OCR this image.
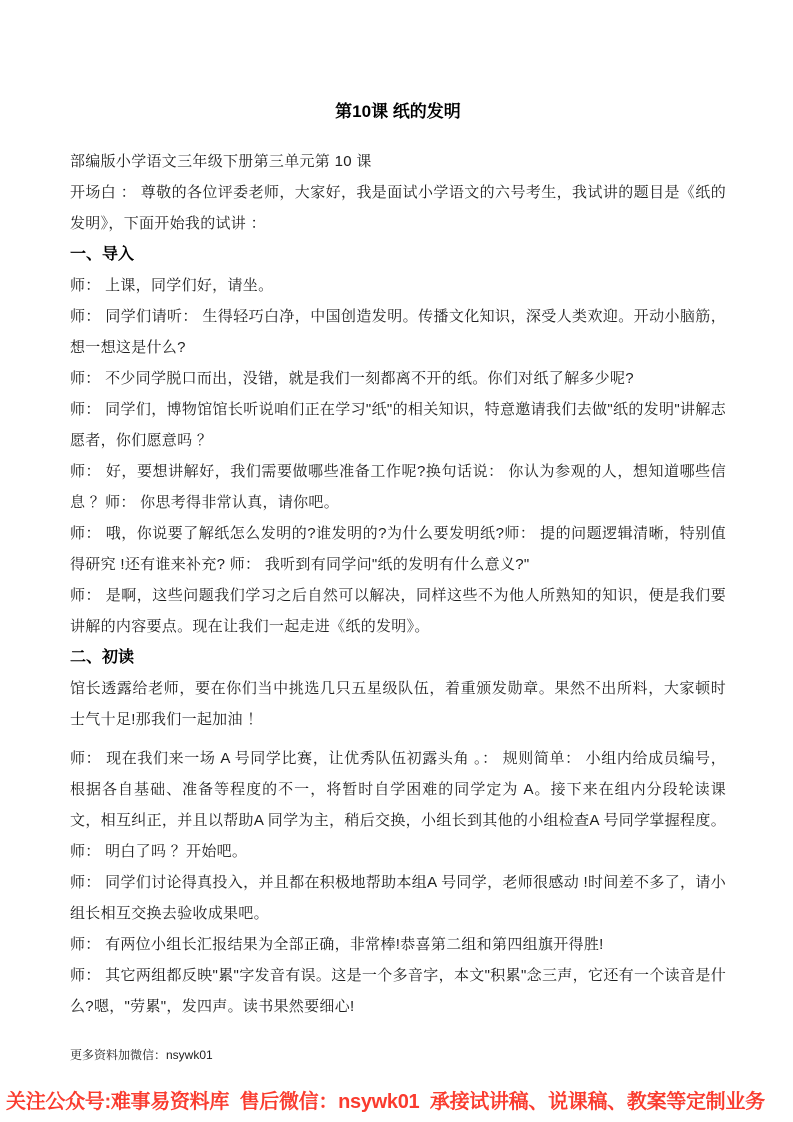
第10课 纸的发明

部编版小学语文三年级下册第三单元第 10 课

开场白 ： 尊敬的各位评委老师，大家好，我是面试小学语文的六号考生，我试讲的题目是《纸的发明》，下面开始我的试讲 ：

一、导入

师： 上课，同学们好，请坐。

师： 同学们请听： 生得轻巧白净，中国创造发明。传播文化知识，深受人类欢迎。开动小脑筋，想一想这是什么?

师： 不少同学脱口而出，没错，就是我们一刻都离不开的纸。你们对纸了解多少呢?

师： 同学们，博物馆馆长听说咱们正在学习"纸"的相关知识，特意邀请我们去做"纸的发明"讲解志愿者，你们愿意吗 ？

师： 好，要想讲解好，我们需要做哪些准备工作呢?换句话说： 你认为参观的人，想知道哪些信息 ？师： 你思考得非常认真，请你吧。

师： 哦，你说要了解纸怎么发明的?谁发明的?为什么要发明纸?师： 提的问题逻辑清晰，特别值得研究 !还有谁来补充? 师： 我听到有同学问"纸的发明有什么意义?"

师： 是啊，这些问题我们学习之后自然可以解决，同样这些不为他人所熟知的知识，便是我们要讲解的内容要点。现在让我们一起走进《纸的发明》。

二、初读

馆长透露给老师，要在你们当中挑选几只五星级队伍，着重颁发勋章。果然不出所料，大家顿时士气十足!那我们一起加油 ！

师： 现在我们来一场 A 号同学比赛，让优秀队伍初露头角 。： 规则简单： 小组内给成员编号，根据各自基础、准备等程度的不一，将暂时自学困难的同学定为 A。接下来在组内分段轮读课文，相互纠正，并且以帮助A 同学为主，稍后交换，小组长到其他的小组检查A 号同学掌握程度。师： 明白了吗 ？开始吧。

师： 同学们讨论得真投入，并且都在积极地帮助本组A 号同学，老师很感动 !时间差不多了，请小组长相互交换去验收成果吧。

师： 有两位小组长汇报结果为全部正确，非常棒!恭喜第二组和第四组旗开得胜!

师： 其它两组都反映"累"字发音有误。这是一个多音字，本文"积累"念三声，它还有一个读音是什么?嗯，"劳累"，发四声。读书果然要细心!

更多资料加微信：nsywk01

关注公众号:难事易资料库  售后微信：nsywk01  承接试讲稿、说课稿、教案等定制业务
